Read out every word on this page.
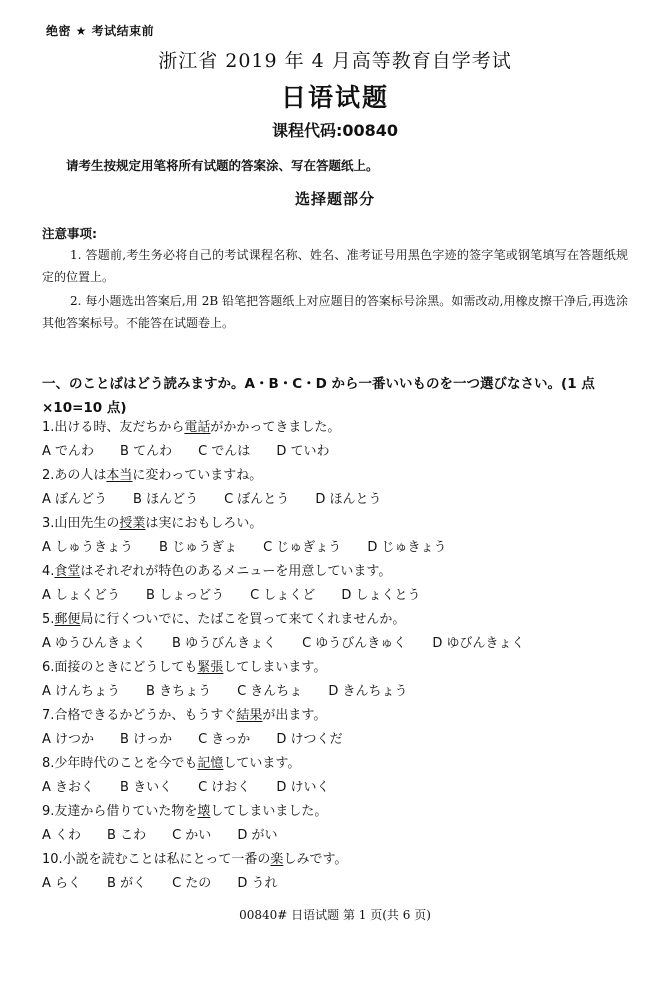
绝密 ★ 考试结束前
浙江省 2019 年 4 月高等教育自学考试
日语试题
课程代码:00840
请考生按规定用笔将所有试题的答案涂、写在答题纸上。
选择题部分
注意事项:
1. 答题前,考生务必将自己的考试课程名称、姓名、准考证号用黑色字迹的签字笔或钢笔填写在答题纸规定的位置上。
2. 每小题选出答案后,用 2B 铅笔把答题纸上对应题目的答案标号涂黑。如需改动,用橡皮擦干净后,再选涂其他答案标号。不能答在试题卷上。
一、のことばはどう読みますか。A・B・C・D から一番いいものを一つ選びなさい。(1 点×10=10 点)
1.出ける時、友だちから電話がかかってきました。
A でんわ B てんわ C でんは D ていわ
2.あの人は本当に変わっていますね。
A ぼんどう B ほんどう C ぼんとう D ほんとう
3.山田先生の授業は実におもしろい。
A しゅうきょう B じゅうぎょ C じゅぎょう D じゅきょう
4.食堂はそれぞれが特色のあるメニューを用意しています。
A しょくどう B しょっどう C しょくど D しょくとう
5.郵便局に行くついでに、たばこを買って来てくれませんか。
A ゆうひんきょく B ゆうびんきょく C ゆうびんきゅく D ゆびんきょく
6.面接のときにどうしても緊張してしまいます。
A けんちょう B きちょう C きんちょ D きんちょう
7.合格できるかどうか、もうすぐ結果が出ます。
A けつか B けっか C きっか D けつくだ
8.少年時代のことを今でも記憶しています。
A きおく B きいく C けおく D けいく
9.友達から借りていた物を壊してしまいました。
A くわ B こわ C かい D がい
10.小説を読むことは私にとって一番の楽しみです。
A らく B がく C たの D うれ
00840# 日语试题 第 1 页(共 6 页)
